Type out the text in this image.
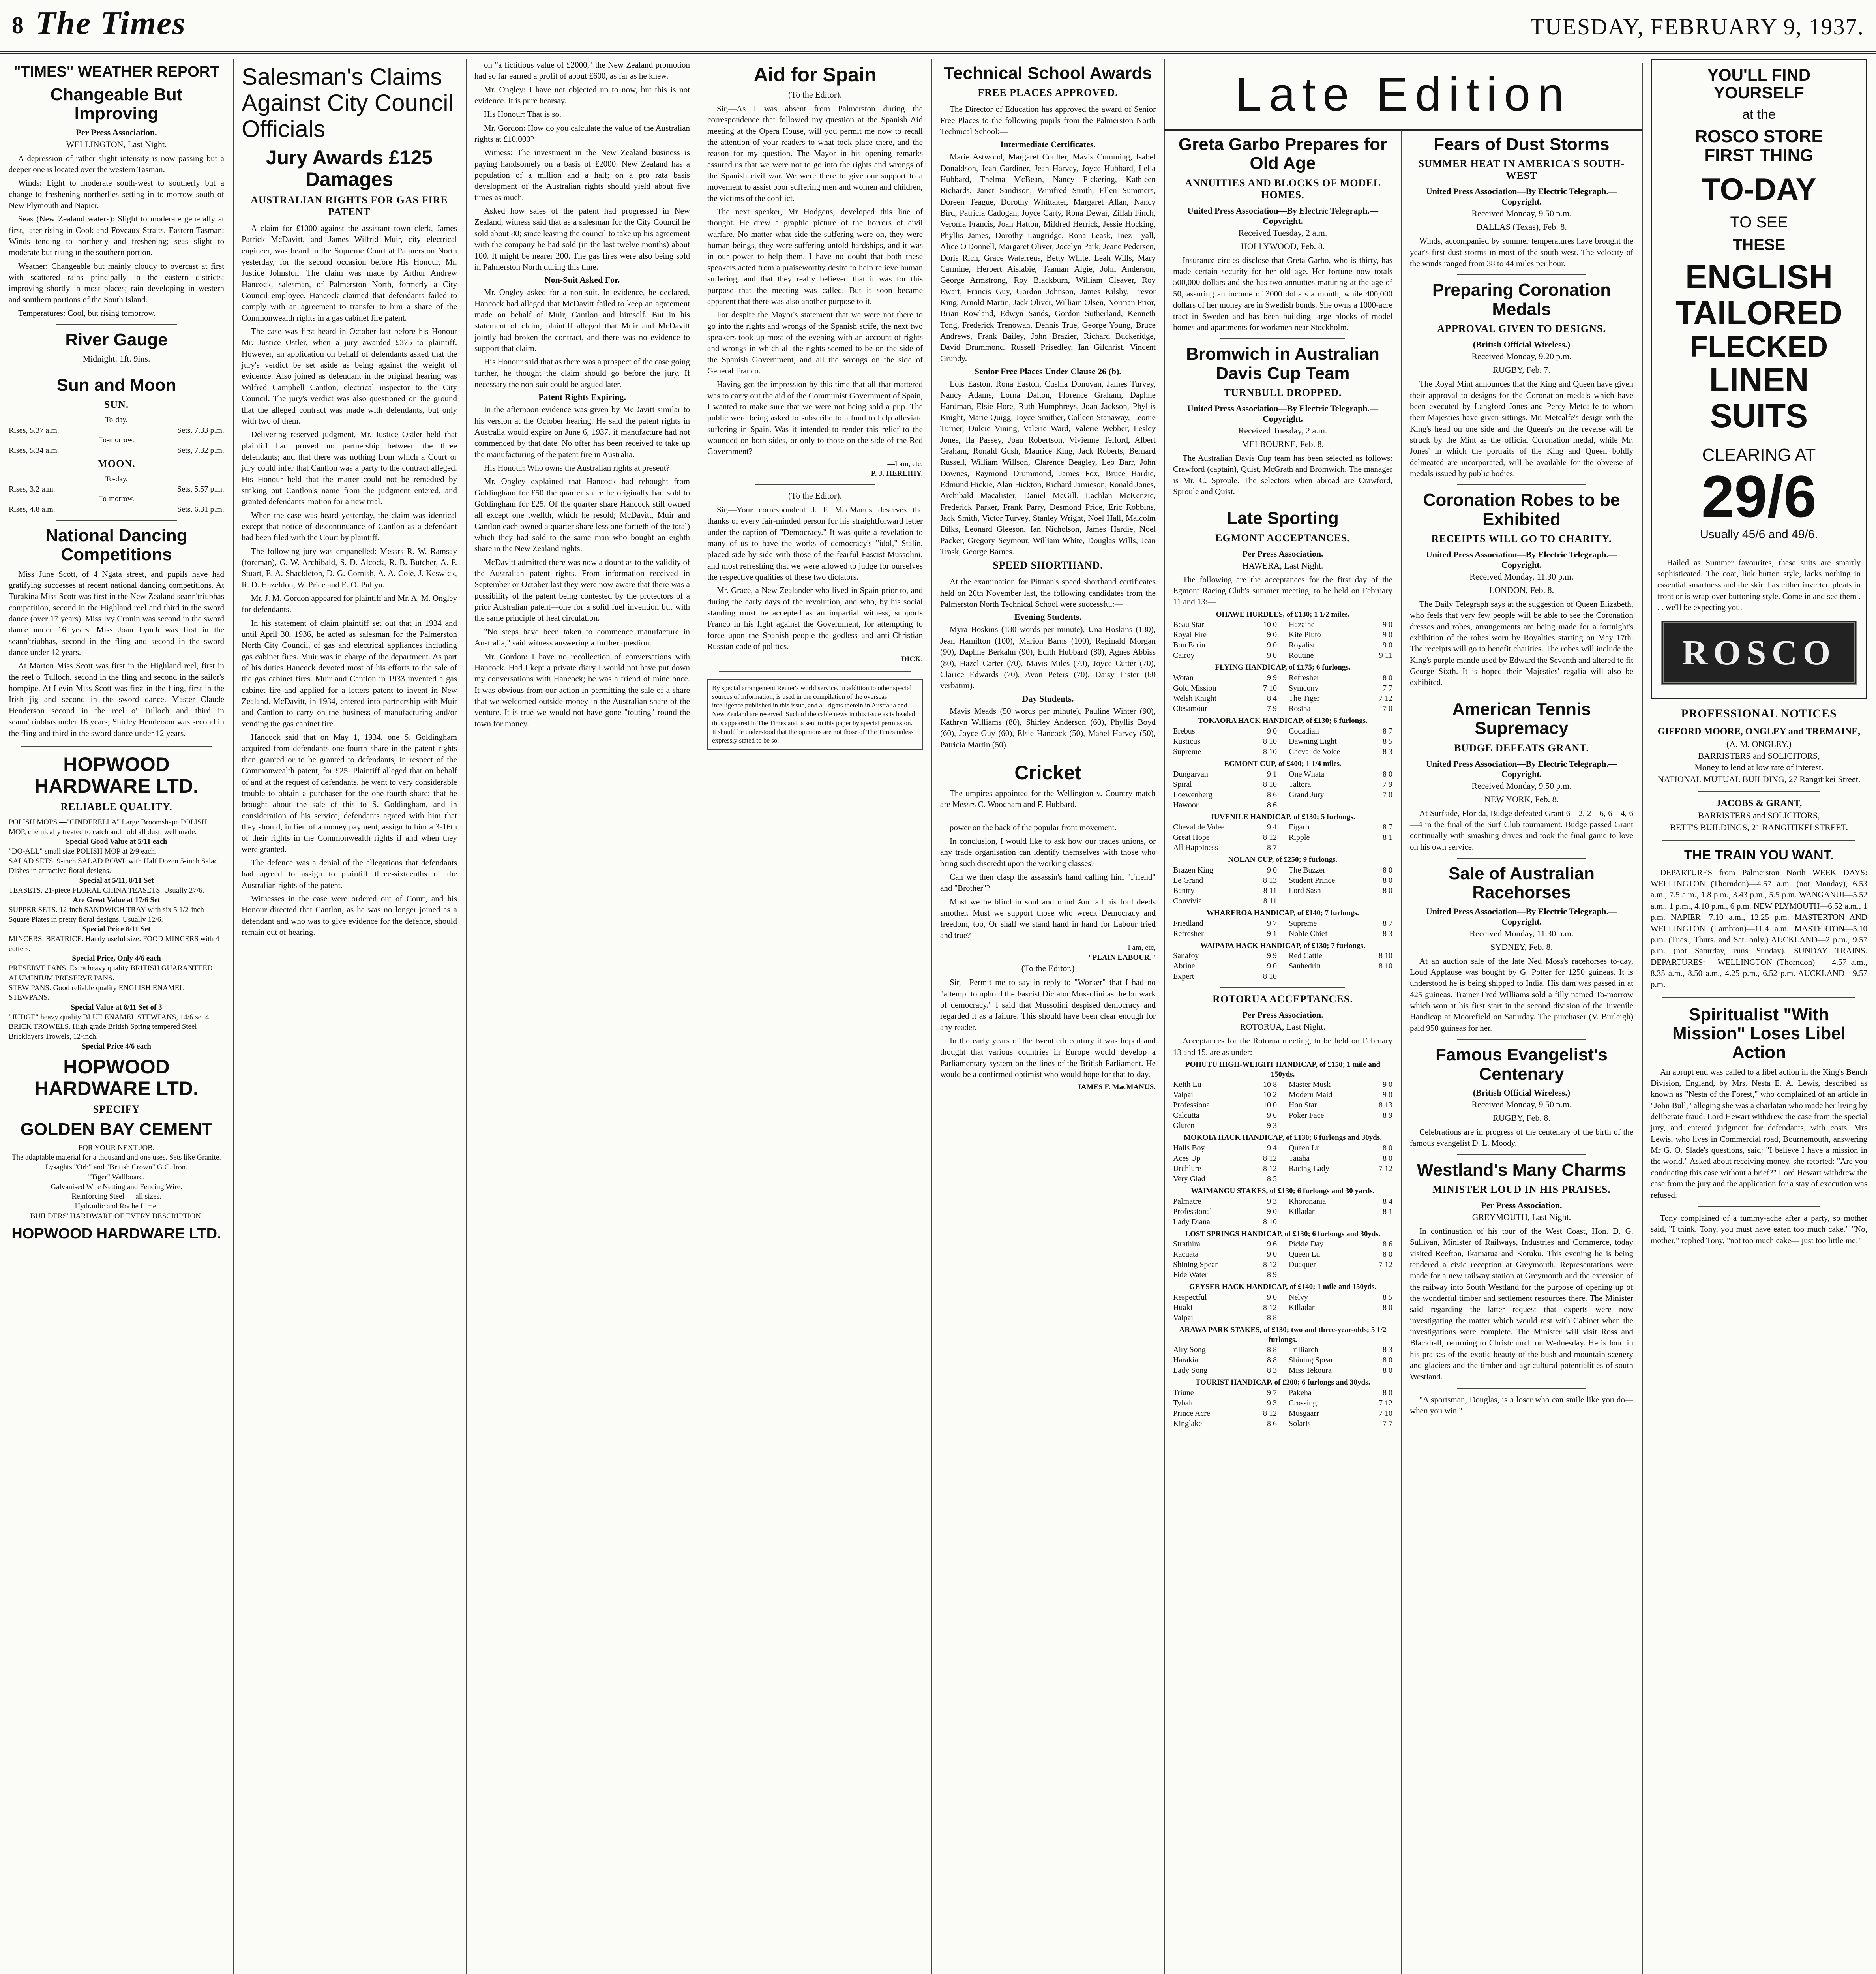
8 The Times	TUESDAY, FEBRUARY 9, 1937.
"TIMES" WEATHER REPORT
Changeable But Improving
Per Press Association.
WELLINGTON, Last Night.

A depression of rather slight intensity is now passing but a deeper one is located over the western Tasman.

Winds: Light to moderate south-west to southerly but a change to freshening northerlies setting in to-morrow south of New Plymouth and Napier.

Seas (New Zealand waters): Slight to moderate generally at first, later rising in Cook and Foveaux Straits. Eastern Tasman: Winds tending to northerly and freshening; seas slight to moderate but rising in the southern portion.

Weather: Changeable but mainly cloudy to overcast at first with scattered rains principally in the eastern districts; improving shortly in most places; rain developing in western and southern portions of the South Island.

Temperatures: Cool, but rising tomorrow.

River Gauge
Midnight: 1ft. 9ins.
Sun and Moon
SUN.
To-day.
Rises, 5.37 a.m.	Sets, 7.33 p.m.
To-morrow.
Rises, 5.34 a.m.	Sets, 7.32 p.m.
MOON.
To-day.
Rises, 3.2 a.m.	Sets, 5.57 p.m.
To-morrow.
Rises, 4.8 a.m.	Sets, 6.31 p.m.
National Dancing Competitions

Miss June Scott, of 4 Ngata street, and pupils have had gratifying successes at recent national dancing competitions. At Turakina Miss Scott was first in the New Zealand seann'triubhas competition, second in the Highland reel and third in the sword dance (over 17 years). Miss Ivy Cronin was second in the sword dance under 16 years. Miss Joan Lynch was first in the seann'triubhas, second in the fling and second in the sword dance under 12 years.

At Marton Miss Scott was first in the Highland reel, first in the reel o' Tulloch, second in the fling and second in the sailor's hornpipe. At Levin Miss Scott was first in the fling, first in the Irish jig and second in the sword dance. Master Claude Henderson second in the reel o' Tulloch and third in seann'triubhas under 16 years; Shirley Henderson was second in the fling and third in the sword dance under 12 years.

HOPWOOD HARDWARE LTD.
RELIABLE QUALITY.
POLISH MOPS.—"CINDERELLA" Large Broomshape POLISH MOP, chemically treated to catch and hold all dust, well made.
Special Good Value at 5/11 each
"DO-ALL" small size POLISH MOP at 2/9 each.
SALAD SETS. 9-inch SALAD BOWL with Half Dozen 5-inch Salad Dishes in attractive floral designs.
Special at 5/11, 8/11 Set
TEASETS. 21-piece FLORAL CHINA TEASETS. Usually 27/6.
Are Great Value at 17/6 Set
SUPPER SETS. 12-inch SANDWICH TRAY with six 5 1/2-inch Square Plates in pretty floral designs. Usually 12/6.
Special Price 8/11 Set
MINCERS. BEATRICE. Handy useful size. FOOD MINCERS with 4 cutters.
Special Price, Only 4/6 each
PRESERVE PANS. Extra heavy quality BRITISH GUARANTEED ALUMINIUM PRESERVE PANS.
STEW PANS. Good reliable quality ENGLISH ENAMEL STEWPANS.
Special Value at 8/11 Set of 3
"JUDGE" heavy quality BLUE ENAMEL STEWPANS, 14/6 set 4.
BRICK TROWELS. High grade British Spring tempered Steel Bricklayers Trowels, 12-inch.
Special Price 4/6 each
HOPWOOD HARDWARE LTD.
SPECIFY
GOLDEN BAY CEMENT
FOR YOUR NEXT JOB.
The adaptable material for a thousand and one uses. Sets like Granite.
Lysaghts "Orb" and "British Crown" G.C. Iron.
"Tiger" Wallboard.
Galvanised Wire Netting and Fencing Wire.
Reinforcing Steel — all sizes.
Hydraulic and Roche Lime.
BUILDERS' HARDWARE OF EVERY DESCRIPTION.
HOPWOOD HARDWARE LTD.
Salesman's Claims Against City Council Officials
Jury Awards £125 Damages
AUSTRALIAN RIGHTS FOR GAS FIRE PATENT

A claim for £1000 against the assistant town clerk, James Patrick McDavitt, and James Wilfrid Muir, city electrical engineer, was heard in the Supreme Court at Palmerston North yesterday, for the second occasion before His Honour, Mr. Justice Johnston. The claim was made by Arthur Andrew Hancock, salesman, of Palmerston North, formerly a City Council employee. Hancock claimed that defendants failed to comply with an agreement to transfer to him a share of the Commonwealth rights in a gas cabinet fire patent.

The case was first heard in October last before his Honour Mr. Justice Ostler, when a jury awarded £375 to plaintiff. However, an application on behalf of defendants asked that the jury's verdict be set aside as being against the weight of evidence. Also joined as defendant in the original hearing was Wilfred Campbell Cantlon, electrical inspector to the City Council. The jury's verdict was also questioned on the ground that the alleged contract was made with defendants, but only with two of them.

Delivering reserved judgment, Mr. Justice Ostler held that plaintiff had proved no partnership between the three defendants; and that there was nothing from which a Court or jury could infer that Cantlon was a party to the contract alleged. His Honour held that the matter could not be remedied by striking out Cantlon's name from the judgment entered, and granted defendants' motion for a new trial.

When the case was heard yesterday, the claim was identical except that notice of discontinuance of Cantlon as a defendant had been filed with the Court by plaintiff.

The following jury was empanelled: Messrs R. W. Ramsay (foreman), G. W. Archibald, S. D. Alcock, R. B. Butcher, A. P. Stuart, E. A. Shackleton, D. G. Cornish, A. A. Cole, J. Keswick, R. D. Hazeldon, W. Price and E. O. Pullyn.

Mr. J. M. Gordon appeared for plaintiff and Mr. A. M. Ongley for defendants.

In his statement of claim plaintiff set out that in 1934 and until April 30, 1936, he acted as salesman for the Palmerston North City Council, of gas and electrical appliances including gas cabinet fires. Muir was in charge of the department. As part of his duties Hancock devoted most of his efforts to the sale of the gas cabinet fires. Muir and Cantlon in 1933 invented a gas cabinet fire and applied for a letters patent to invent in New Zealand. McDavitt, in 1934, entered into partnership with Muir and Cantlon to carry on the business of manufacturing and/or vending the gas cabinet fire.

Hancock said that on May 1, 1934, one S. Goldingham acquired from defendants one-fourth share in the patent rights then granted or to be granted to defendants, in respect of the Commonwealth patent, for £25. Plaintiff alleged that on behalf of and at the request of defendants, he went to very considerable trouble to obtain a purchaser for the one-fourth share; that he brought about the sale of this to S. Goldingham, and in consideration of his service, defendants agreed with him that they should, in lieu of a money payment, assign to him a 3-16th of their rights in the Commonwealth rights if and when they were granted.

The defence was a denial of the allegations that defendants had agreed to assign to plaintiff three-sixteenths of the Australian rights of the patent.

Witnesses in the case were ordered out of Court, and his Honour directed that Cantlon, as he was no longer joined as a defendant and who was to give evidence for the defence, should remain out of hearing.

on "a fictitious value of £2000," the New Zealand promotion had so far earned a profit of about £600, as far as he knew.

Mr. Ongley: I have not objected up to now, but this is not evidence. It is pure hearsay.

His Honour: That is so.

Mr. Gordon: How do you calculate the value of the Australian rights at £10,000?

Witness: The investment in the New Zealand business is paying handsomely on a basis of £2000. New Zealand has a population of a million and a half; on a pro rata basis development of the Australian rights should yield about five times as much.

Asked how sales of the patent had progressed in New Zealand, witness said that as a salesman for the City Council he sold about 80; since leaving the council to take up his agreement with the company he had sold (in the last twelve months) about 100. It might be nearer 200. The gas fires were also being sold in Palmerston North during this time.

Non-Suit Asked For.

Mr. Ongley asked for a non-suit. In evidence, he declared, Hancock had alleged that McDavitt failed to keep an agreement made on behalf of Muir, Cantlon and himself. But in his statement of claim, plaintiff alleged that Muir and McDavitt jointly had broken the contract, and there was no evidence to support that claim.

His Honour said that as there was a prospect of the case going further, he thought the claim should go before the jury. If necessary the non-suit could be argued later.

Patent Rights Expiring.

In the afternoon evidence was given by McDavitt similar to his version at the October hearing. He said the patent rights in Australia would expire on June 6, 1937, if manufacture had not commenced by that date. No offer has been received to take up the manufacturing of the patent fire in Australia.

His Honour: Who owns the Australian rights at present?

Mr. Ongley explained that Hancock had rebought from Goldingham for £50 the quarter share he originally had sold to Goldingham for £25. Of the quarter share Hancock still owned all except one twelfth, which he resold; McDavitt, Muir and Cantlon each owned a quarter share less one fortieth of the total) which they had sold to the same man who bought an eighth share in the New Zealand rights.

McDavitt admitted there was now a doubt as to the validity of the Australian patent rights. From information received in September or October last they were now aware that there was a possibility of the patent being contested by the protectors of a prior Australian patent—one for a solid fuel invention but with the same principle of heat circulation.

"No steps have been taken to commence manufacture in Australia," said witness answering a further question.

Mr. Gordon: I have no recollection of conversations with Hancock. Had I kept a private diary I would not have put down my conversations with Hancock; he was a friend of mine once. It was obvious from our action in permitting the sale of a share that we welcomed outside money in the Australian share of the venture. It is true we would not have gone "touting" round the town for money.

Aid for Spain
(To the Editor).

Sir,—As I was absent from Palmerston during the correspondence that followed my question at the Spanish Aid meeting at the Opera House, will you permit me now to recall the attention of your readers to what took place there, and the reason for my question. The Mayor in his opening remarks assured us that we were not to go into the rights and wrongs of the Spanish civil war. We were there to give our support to a movement to assist poor suffering men and women and children, the victims of the conflict.

The next speaker, Mr Hodgens, developed this line of thought. He drew a graphic picture of the horrors of civil warfare. No matter what side the suffering were on, they were human beings, they were suffering untold hardships, and it was in our power to help them. I have no doubt that both these speakers acted from a praiseworthy desire to help relieve human suffering, and that they really believed that it was for this purpose that the meeting was called. But it soon became apparent that there was also another purpose to it.

For despite the Mayor's statement that we were not there to go into the rights and wrongs of the Spanish strife, the next two speakers took up most of the evening with an account of rights and wrongs in which all the rights seemed to be on the side of the Spanish Government, and all the wrongs on the side of General Franco.

Having got the impression by this time that all that mattered was to carry out the aid of the Communist Government of Spain, I wanted to make sure that we were not being sold a pup. The public were being asked to subscribe to a fund to help alleviate suffering in Spain. Was it intended to render this relief to the wounded on both sides, or only to those on the side of the Red Government?

—I am, etc,
P. J. HERLIHY.
(To the Editor).

Sir,—Your correspondent J. F. MacManus deserves the thanks of every fair-minded person for his straightforward letter under the caption of "Democracy." It was quite a revelation to many of us to have the works of democracy's "idol," Stalin, placed side by side with those of the fearful Fascist Mussolini, and most refreshing that we were allowed to judge for ourselves the respective qualities of these two dictators.

Mr. Grace, a New Zealander who lived in Spain prior to, and during the early days of the revolution, and who, by his social standing must be accepted as an impartial witness, supports Franco in his fight against the Government, for attempting to force upon the Spanish people the godless and anti-Christian Russian code of politics.

DICK.
By special arrangement Reuter's world service, in addition to other special sources of information, is used in the compilation of the overseas intelligence published in this issue, and all rights therein in Australia and New Zealand are reserved. Such of the cable news in this issue as is headed thus appeared in The Times and is sent to this paper by special permission. It should be understood that the opinions are not those of The Times unless expressly stated to be so.
Technical School Awards
FREE PLACES APPROVED.

The Director of Education has approved the award of Senior Free Places to the following pupils from the Palmerston North Technical School:—

Intermediate Certificates.

Marie Astwood, Margaret Coulter, Mavis Cumming, Isabel Donaldson, Jean Gardiner, Jean Harvey, Joyce Hubbard, Lella Hubbard, Thelma McBean, Nancy Pickering, Kathleen Richards, Janet Sandison, Winifred Smith, Ellen Summers, Doreen Teague, Dorothy Whittaker, Margaret Allan, Nancy Bird, Patricia Cadogan, Joyce Carty, Rona Dewar, Zillah Finch, Veronia Francis, Joan Hatton, Mildred Herrick, Jessie Hocking, Phyllis James, Dorothy Laugridge, Rona Leask, Inez Lyall, Alice O'Donnell, Margaret Oliver, Jocelyn Park, Jeane Pedersen, Doris Rich, Grace Waterreus, Betty White, Leah Wills, Mary Carmine, Herbert Aislabie, Taaman Algie, John Anderson, George Armstrong, Roy Blackburn, William Cleaver, Roy Ewart, Francis Guy, Gordon Johnson, James Kilsby, Trevor King, Arnold Martin, Jack Oliver, William Olsen, Norman Prior, Brian Rowland, Edwyn Sands, Gordon Sutherland, Kenneth Tong, Frederick Trenowan, Dennis True, George Young, Bruce Andrews, Frank Bailey, John Brazier, Richard Buckeridge, David Drummond, Russell Prisedley, Ian Gilchrist, Vincent Grundy.

Senior Free Places Under Clause 26 (b).

Lois Easton, Rona Easton, Cushla Donovan, James Turvey, Nancy Adams, Lorna Dalton, Florence Graham, Daphne Hardman, Elsie Hore, Ruth Humphreys, Joan Jackson, Phyllis Knight, Marie Quigg, Joyce Smither, Colleen Stanaway, Leonie Turner, Dulcie Vining, Valerie Ward, Valerie Webber, Lesley Jones, Ila Passey, Joan Robertson, Vivienne Telford, Albert Graham, Ronald Gush, Maurice King, Jack Roberts, Bernard Russell, William Willson, Clarence Beagley, Leo Barr, John Downes, Raymond Drummond, James Fox, Bruce Hardie, Edmund Hickie, Alan Hickton, Richard Jamieson, Ronald Jones, Archibald Macalister, Daniel McGill, Lachlan McKenzie, Frederick Parker, Frank Parry, Desmond Price, Eric Robbins, Jack Smith, Victor Turvey, Stanley Wright, Noel Hall, Malcolm Dilks, Leonard Gleeson, Ian Nicholson, James Hardie, Noel Packer, Gregory Seymour, William White, Douglas Wills, Jean Trask, George Barnes.

SPEED SHORTHAND.

At the examination for Pitman's speed shorthand certificates held on 20th November last, the following candidates from the Palmerston North Technical School were successful:—

Evening Students.

Myra Hoskins (130 words per minute), Una Hoskins (130), Jean Hamilton (100), Marion Barns (100), Reginald Morgan (90), Daphne Berkahn (90), Edith Hubbard (80), Agnes Abbiss (80), Hazel Carter (70), Mavis Miles (70), Joyce Cutter (70), Clarice Edwards (70), Avon Peters (70), Daisy Lister (60 verbatim).

Day Students.

Mavis Meads (50 words per minute), Pauline Winter (90), Kathryn Williams (80), Shirley Anderson (60), Phyllis Boyd (60), Joyce Guy (60), Elsie Hancock (50), Mabel Harvey (50), Patricia Martin (50).

Cricket

The umpires appointed for the Wellington v. Country match are Messrs C. Woodham and F. Hubbard.

power on the back of the popular front movement.

In conclusion, I would like to ask how our trades unions, or any trade organisation can identify themselves with those who bring such discredit upon the working classes?

Can we then clasp the assassin's hand calling him "Friend" and "Brother"?

Must we be blind in soul and mind And all his foul deeds smother. Must we support those who wreck Democracy and freedom, too, Or shall we stand hand in hand for Labour tried and true?

I am, etc,
"PLAIN LABOUR."
(To the Editor.)

Sir,—Permit me to say in reply to "Worker" that I had no "attempt to uphold the Fascist Dictator Mussolini as the bulwark of democracy." I said that Mussolini despised democracy and regarded it as a failure. This should have been clear enough for any reader.

In the early years of the twentieth century it was hoped and thought that various countries in Europe would develop a Parliamentary system on the lines of the British Parliament. He would be a confirmed optimist who would hope for that to-day.

JAMES F. MacMANUS.
Late Edition
Greta Garbo Prepares for Old Age
ANNUITIES AND BLOCKS OF MODEL HOMES.
United Press Association—By Electric Telegraph.—Copyright.
Received Tuesday, 2 a.m.
HOLLYWOOD, Feb. 8.

Insurance circles disclose that Greta Garbo, who is thirty, has made certain security for her old age. Her fortune now totals 500,000 dollars and she has two annuities maturing at the age of 50, assuring an income of 3000 dollars a month, while 400,000 dollars of her money are in Swedish bonds. She owns a 1000-acre tract in Sweden and has been building large blocks of model homes and apartments for workmen near Stockholm.

Bromwich in Australian Davis Cup Team
TURNBULL DROPPED.
United Press Association—By Electric Telegraph.—Copyright.
Received Tuesday, 2 a.m.
MELBOURNE, Feb. 8.

The Australian Davis Cup team has been selected as follows: Crawford (captain), Quist, McGrath and Bromwich. The manager is Mr. C. Sproule. The selectors when abroad are Crawford, Sproule and Quist.

Late Sporting
EGMONT ACCEPTANCES.
Per Press Association.
HAWERA, Last Night.

The following are the acceptances for the first day of the Egmont Racing Club's summer meeting, to be held on February 11 and 13:—

OHAWE HURDLES, of £130; 1 1/2 miles.
Beau Star	10 0
Royal Fire	9 0
Bon Ecrin	9 0
Cairoy	9 0
Hazaine	9 0
Kite Pluto	9 0
Royalist	9 0
Routine	9 11
FLYING HANDICAP, of £175; 6 furlongs.
Wotan	9 9
Gold Mission	7 10
Welsh Knight	8 4
Clesamour	7 9
Refresher	8 0
Symcony	7 7
The Tiger	7 12
Rosina	7 0
TOKAORA HACK HANDICAP, of £130; 6 furlongs.
Erebus	9 0
Rusticus	8 10
Supreme	8 10
Codadian	8 7
Dawning Light	8 5
Cheval de Volee	8 3
EGMONT CUP, of £400; 1 1/4 miles.
Dungarvan	9 1
Spiral	8 10
Loewenberg	8 6
Hawoor	8 6
One Whata	8 0
Taltora	7 9
Grand Jury	7 0
JUVENILE HANDICAP, of £130; 5 furlongs.
Cheval de Volee	9 4
Great Hope	8 12
All Happiness	8 7
Figaro	8 7
Ripple	8 1
NOLAN CUP, of £250; 9 furlongs.
Brazen King	9 0
Le Grand	8 13
Bantry	8 11
Convivial	8 11
The Buzzer	8 0
Student Prince	8 0
Lord Sash	8 0
WHAREROA HANDICAP, of £140; 7 furlongs.
Friedland	9 7
Refresher	9 1
Supreme	8 7
Noble Chief	8 3
WAIPAPA HACK HANDICAP, of £130; 7 furlongs.
Sanafoy	9 9
Abrine	9 0
Expert	8 10
Red Cattle	8 10
Sanhedrin	8 10
ROTORUA ACCEPTANCES.
Per Press Association.
ROTORUA, Last Night.

Acceptances for the Rotorua meeting, to be held on February 13 and 15, are as under:—

POHUTU HIGH-WEIGHT HANDICAP, of £150; 1 mile and 150yds.
Keith Lu	10 8
Valpai	10 2
Professional	10 0
Calcutta	9 6
Gluten	9 3
Master Musk	9 0
Modern Maid	9 0
Hon Star	8 13
Poker Face	8 9
MOKOIA HACK HANDICAP, of £130; 6 furlongs and 30yds.
Halls Boy	9 4
Aces Up	8 12
Urchlure	8 12
Very Glad	8 5
Queen Lu	8 0
Taiaha	8 0
Racing Lady	7 12
WAIMANGU STAKES, of £130; 6 furlongs and 30 yards.
Palmatre	9 3
Professional	9 0
Lady Diana	8 10
Khoronania	8 4
Killadar	8 1
LOST SPRINGS HANDICAP, of £130; 6 furlongs and 30yds.
Strathira	9 6
Racuata	9 0
Shining Spear	8 12
Fide Water	8 9
Pickie Day	8 6
Queen Lu	8 0
Duaquer	7 12
GEYSER HACK HANDICAP, of £140; 1 mile and 150yds.
Respectful	9 0
Huaki	8 12
Valpai	8 8
Nelvy	8 5
Killadar	8 0
ARAWA PARK STAKES, of £130; two and three-year-olds; 5 1/2 furlongs.
Airy Song	8 8
Harakia	8 8
Lady Song	8 3
Trilliarch	8 3
Shining Spear	8 0
Miss Tekoura	8 0
TOURIST HANDICAP, of £200; 6 furlongs and 30yds.
Triune	9 7
Tybalt	9 3
Prince Acre	8 12
Kinglake	8 6
Pakeha	8 0
Crossing	7 12
Musgaarr	7 10
Solaris	7 7
Fears of Dust Storms
SUMMER HEAT IN AMERICA'S SOUTH-WEST
United Press Association—By Electric Telegraph.—Copyright.
Received Monday, 9.50 p.m.
DALLAS (Texas), Feb. 8.

Winds, accompanied by summer temperatures have brought the year's first dust storms in most of the south-west. The velocity of the winds ranged from 38 to 44 miles per hour.

Preparing Coronation Medals
APPROVAL GIVEN TO DESIGNS.
(British Official Wireless.)
Received Monday, 9.20 p.m.
RUGBY, Feb. 7.

The Royal Mint announces that the King and Queen have given their approval to designs for the Coronation medals which have been executed by Langford Jones and Percy Metcalfe to whom their Majesties have given sittings. Mr. Metcalfe's design with the King's head on one side and the Queen's on the reverse will be struck by the Mint as the official Coronation medal, while Mr. Jones' in which the portraits of the King and Queen boldly delineated are incorporated, will be available for the obverse of medals issued by public bodies.

Coronation Robes to be Exhibited
RECEIPTS WILL GO TO CHARITY.
United Press Association—By Electric Telegraph.—Copyright.
Received Monday, 11.30 p.m.
LONDON, Feb. 8.

The Daily Telegraph says at the suggestion of Queen Elizabeth, who feels that very few people will be able to see the Coronation dresses and robes, arrangements are being made for a fortnight's exhibition of the robes worn by Royalties starting on May 17th. The receipts will go to benefit charities. The robes will include the King's purple mantle used by Edward the Seventh and altered to fit George Sixth. It is hoped their Majesties' regalia will also be exhibited.

American Tennis Supremacy
BUDGE DEFEATS GRANT.
United Press Association—By Electric Telegraph.—Copyright.
Received Monday, 9.50 p.m.
NEW YORK, Feb. 8.

At Surfside, Florida, Budge defeated Grant 6—2, 2—6, 6—4, 6—4 in the final of the Surf Club tournament. Budge passed Grant continually with smashing drives and took the final game to love on his own service.

Sale of Australian Racehorses
United Press Association—By Electric Telegraph.—Copyright.
Received Monday, 11.30 p.m.
SYDNEY, Feb. 8.

At an auction sale of the late Ned Moss's racehorses to-day, Loud Applause was bought by G. Potter for 1250 guineas. It is understood he is being shipped to India. His dam was passed in at 425 guineas. Trainer Fred Williams sold a filly named To-morrow which won at his first start in the second division of the Juvenile Handicap at Moorefield on Saturday. The purchaser (V. Burleigh) paid 950 guineas for her.

Famous Evangelist's Centenary
(British Official Wireless.)
Received Monday, 9.50 p.m.
RUGBY, Feb. 8.

Celebrations are in progress of the centenary of the birth of the famous evangelist D. L. Moody.

Westland's Many Charms
MINISTER LOUD IN HIS PRAISES.
Per Press Association.
GREYMOUTH, Last Night.

In continuation of his tour of the West Coast, Hon. D. G. Sullivan, Minister of Railways, Industries and Commerce, today visited Reefton, Ikamatua and Kotuku. This evening he is being tendered a civic reception at Greymouth. Representations were made for a new railway station at Greymouth and the extension of the railway into South Westland for the purpose of opening up of the wonderful timber and settlement resources there. The Minister said regarding the latter request that experts were now investigating the matter which would rest with Cabinet when the investigations were complete. The Minister will visit Ross and Blackball, returning to Christchurch on Wednesday. He is loud in his praises of the exotic beauty of the bush and mountain scenery and glaciers and the timber and agricultural potentialities of south Westland.

"A sportsman, Douglas, is a loser who can smile like you do—when you win."

YOU'LL FIND
YOURSELF
at the
ROSCO STORE
FIRST THING
TO-DAY
TO SEE
THESE
ENGLISH
TAILORED
FLECKED
LINEN
SUITS
CLEARING AT
29/6
Usually 45/6 and 49/6.

Hailed as Summer favourites, these suits are smartly sophisticated. The coat, link button style, lacks nothing in essential smartness and the skirt has either inverted pleats in front or is wrap-over buttoning style. Come in and see them . . . we'll be expecting you.

ROSCO
PROFESSIONAL NOTICES
GIFFORD MOORE, ONGLEY and TREMAINE,
(A. M. ONGLEY.)
BARRISTERS and SOLICITORS,
Money to lend at low rate of interest.
NATIONAL MUTUAL BUILDING, 27 Rangitikei Street.
JACOBS & GRANT,
BARRISTERS and SOLICITORS,
BETT'S BUILDINGS, 21 RANGITIKEI STREET.
THE TRAIN YOU WANT.

DEPARTURES from Palmerston North WEEK DAYS: WELLINGTON (Thorndon)—4.57 a.m. (not Monday), 6.53 a.m., 7.5 a.m., 1.8 p.m., 3.43 p.m., 5.5 p.m. WANGANUI—5.52 a.m., 1 p.m., 4.10 p.m., 6 p.m. NEW PLYMOUTH—6.52 a.m., 1 p.m. NAPIER—7.10 a.m., 12.25 p.m. MASTERTON AND WELLINGTON (Lambton)—11.4 a.m. MASTERTON—5.10 p.m. (Tues., Thurs. and Sat. only.) AUCKLAND—2 p.m., 9.57 p.m. (not Saturday, runs Sunday). SUNDAY TRAINS. DEPARTURES:— WELLINGTON (Thorndon) — 4.57 a.m., 8.35 a.m., 8.50 a.m., 4.25 p.m., 6.52 p.m. AUCKLAND—9.57 p.m.

Spiritualist "With Mission" Loses Libel Action

An abrupt end was called to a libel action in the King's Bench Division, England, by Mrs. Nesta E. A. Lewis, described as known as "Nesta of the Forest," who complained of an article in "John Bull," alleging she was a charlatan who made her living by deliberate fraud. Lord Hewart withdrew the case from the special jury, and entered judgment for defendants, with costs. Mrs Lewis, who lives in Commercial road, Bournemouth, answering Mr G. O. Slade's questions, said: "I believe I have a mission in the world." Asked about receiving money, she retorted: "Are you conducting this case without a brief?" Lord Hewart withdrew the case from the jury and the application for a stay of execution was refused.

Tony complained of a tummy-ache after a party, so mother said, "I think, Tony, you must have eaten too much cake." "No, mother," replied Tony, "not too much cake— just too little me!"
